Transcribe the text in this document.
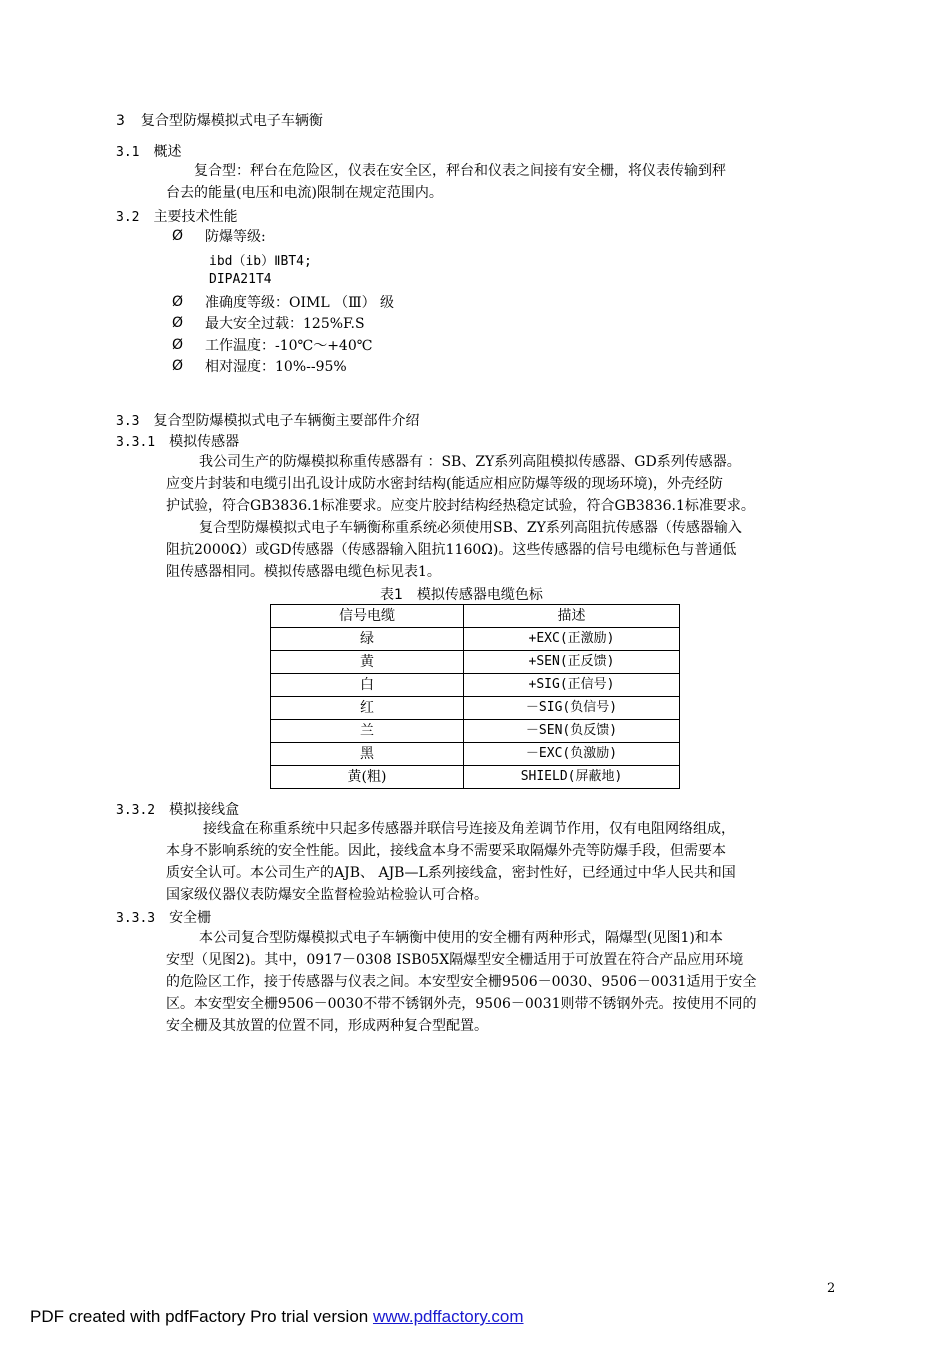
3 复合型防爆模拟式电子车辆衡
3.1 概述
复合型：秤台在危险区，仪表在安全区，秤台和仪表之间接有安全栅，将仪表传输到秤
台去的能量(电压和电流)限制在规定范围内。
3.2 主要技术性能
Ø 防爆等级:
ibd（ib）ⅡBT4;
DIPA21T4
Ø 准确度等级：OIML （Ⅲ） 级
Ø 最大安全过载：125%F.S
Ø 工作温度：-10℃～+40℃
Ø 相对湿度：10%--95%
3.3 复合型防爆模拟式电子车辆衡主要部件介绍
3.3.1 模拟传感器
我公司生产的防爆模拟称重传感器有 ：SB、ZY系列高阻模拟传感器、GD系列传感器。
应变片封装和电缆引出孔设计成防水密封结构(能适应相应防爆等级的现场环境)，外壳经防
护试验，符合GB3836.1标准要求。应变片胶封结构经热稳定试验，符合GB3836.1标准要求。
复合型防爆模拟式电子车辆衡称重系统必须使用SB、ZY系列高阻抗传感器（传感器输入
阻抗2000Ω）或GD传感器（传感器输入阻抗1160Ω)。这些传感器的信号电缆标色与普通低
阻传感器相同。模拟传感器电缆色标见表1。
表1　模拟传感器电缆色标
信号电缆	描述
绿	+EXC(正激励)
黄	+SEN(正反馈)
白	+SIG(正信号)
红	－SIG(负信号)
兰	－SEN(负反馈)
黑	－EXC(负激励)
黄(粗)	SHIELD(屏蔽地)
3.3.2 模拟接线盒
接线盒在称重系统中只起多传感器并联信号连接及角差调节作用，仅有电阻网络组成，
本身不影响系统的安全性能。因此，接线盒本身不需要采取隔爆外壳等防爆手段，但需要本
质安全认可。本公司生产的AJB、 AJB—L系列接线盒，密封性好，已经通过中华人民共和国
国家级仪器仪表防爆安全监督检验站检验认可合格。
3.3.3 安全栅
本公司复合型防爆模拟式电子车辆衡中使用的安全栅有两种形式，隔爆型(见图1)和本
安型（见图2)。其中，0917－0308 ISB05X隔爆型安全栅适用于可放置在符合产品应用环境
的危险区工作，接于传感器与仪表之间。本安型安全栅9506－0030、9506－0031适用于安全
区。本安型安全栅9506－0030不带不锈钢外壳，9506－0031则带不锈钢外壳。按使用不同的
安全栅及其放置的位置不同，形成两种复合型配置。
2
PDF created with pdfFactory Pro trial version www.pdffactory.com
